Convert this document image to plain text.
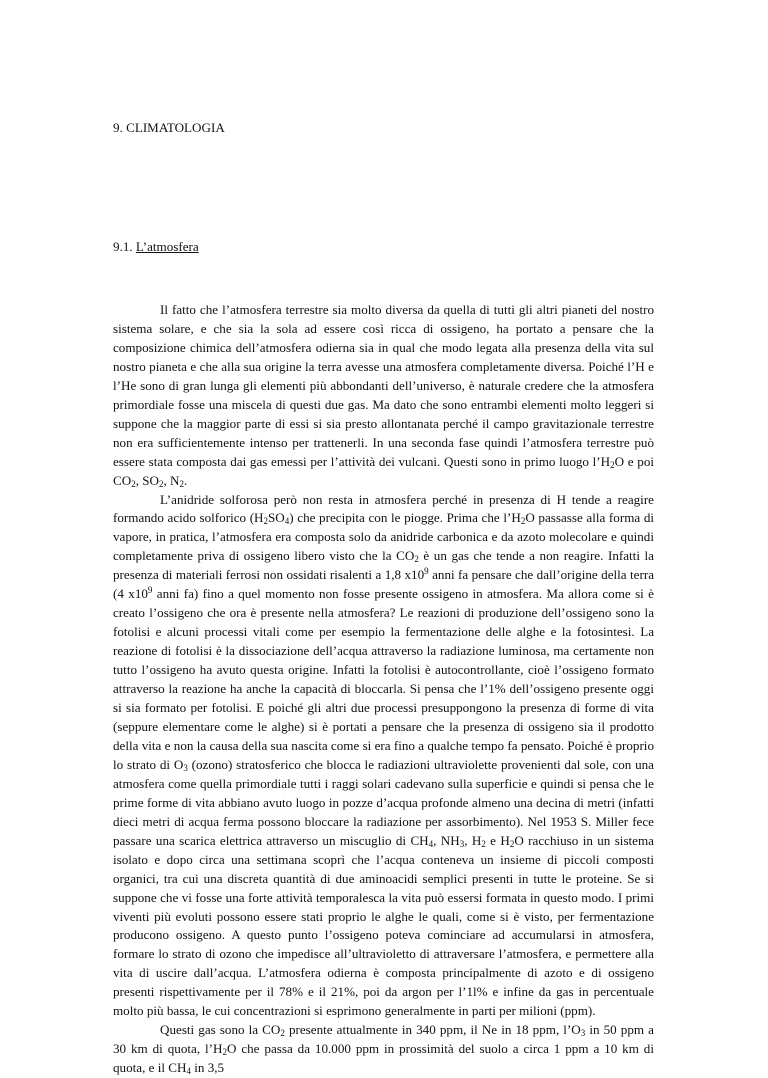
9. CLIMATOLOGIA
9.1. L’atmosfera

Il fatto che l’atmosfera terrestre sia molto diversa da quella di tutti gli altri pianeti del nostro sistema solare, e che sia la sola ad essere così ricca di ossigeno, ha portato a pensare che la composizione chimica dell’atmosfera odierna sia in qual che modo legata alla presenza della vita sul nostro pianeta e che alla sua origine la terra avesse una atmosfera completamente diversa. Poiché l’H e l’He sono di gran lunga gli elementi più abbondanti dell’universo, è naturale credere che la atmosfera primordiale fosse una miscela di questi due gas. Ma dato che sono entrambi elementi molto leggeri si suppone che la maggior parte di essi si sia presto allontanata perché il campo gravitazionale terrestre non era sufficientemente intenso per trattenerli. In una seconda fase quindi l’atmosfera terrestre può essere stata composta dai gas emessi per l’attività dei vulcani. Questi sono in primo luogo $l’H_2O$ e poi $CO_2$, $SO_2$, $N_2$.

L’anidride solforosa però non resta in atmosfera perché in presenza di H tende a reagire formando acido solforico $(H_2SO_4)$ che precipita con le piogge. Prima che $l’H_2O$ passasse alla forma di vapore, in pratica, l’atmosfera era composta solo da anidride carbonica e da azoto molecolare e quindi completamente priva di ossigeno libero visto che la $CO_2$ è un gas che tende a non reagire. Infatti la presenza di materiali ferrosi non ossidati risalenti a 1,8 $x10^9$ anni fa pensare che dall’origine della terra (4 $x10^9$ anni fa) fino a quel momento non fosse presente ossigeno in atmosfera. Ma allora come si è creato l’ossigeno che ora è presente nella atmosfera? Le reazioni di produzione dell’ossigeno sono la fotolisi e alcuni processi vitali come per esempio la fermentazione delle alghe e la fotosintesi. La reazione di fotolisi è la dissociazione dell’acqua attraverso la radiazione luminosa, ma certamente non tutto l’ossigeno ha avuto questa origine. Infatti la fotolisi è autocontrollante, cioè l’ossigeno formato attraverso la reazione ha anche la capacità di bloccarla. Si pensa che l’1% dell’ossigeno presente oggi si sia formato per fotolisi. E poiché gli altri due processi presuppongono la presenza di forme di vita (seppure elementare come le alghe) si è portati a pensare che la presenza di ossigeno sia il prodotto della vita e non la causa della sua nascita come si era fino a qualche tempo fa pensato. Poiché è proprio lo strato di $O_3$ (ozono) stratosferico che blocca le radiazioni ultraviolette provenienti dal sole, con una atmosfera come quella primordiale tutti i raggi solari cadevano sulla superficie e quindi si pensa che le prime forme di vita abbiano avuto luogo in pozze d’acqua profonde almeno una decina di metri (infatti dieci metri di acqua ferma possono bloccare la radiazione per assorbimento). Nel 1953 S. Miller fece passare una scarica elettrica attraverso un miscuglio di $CH_4$, $NH_3$, $H_2$ e $H_2O$ racchiuso in un sistema isolato e dopo circa una settimana scoprì che l’acqua conteneva un insieme di piccoli composti organici, tra cui una discreta quantità di due aminoacidi semplici presenti in tutte le proteine. Se si suppone che vi fosse una forte attività temporalesca la vita può essersi formata in questo modo. I primi viventi più evoluti possono essere stati proprio le alghe le quali, come si è visto, per fermentazione producono ossigeno. A questo punto l’ossigeno poteva cominciare ad accumularsi in atmosfera, formare lo strato di ozono che impedisce all’ultravioletto di attraversare l’atmosfera, e permettere alla vita di uscire dall’acqua. L’atmosfera odierna è composta principalmente di azoto e di ossigeno presenti rispettivamente per il 78% e il 21%, poi da argon per l’1l% e infine da gas in percentuale molto più bassa, le cui concentrazioni si esprimono generalmente in parti per milioni (ppm).

Questi gas sono la $CO_2$ presente attualmente in 340 ppm, il Ne in 18 ppm, $l’O_3$ in 50 ppm a 30 km di quota, $l’H_2O$ che passa da 10.000 ppm in prossimità del suolo a circa 1 ppm a 10 km di quota, e il $CH_4$ in 3,5
